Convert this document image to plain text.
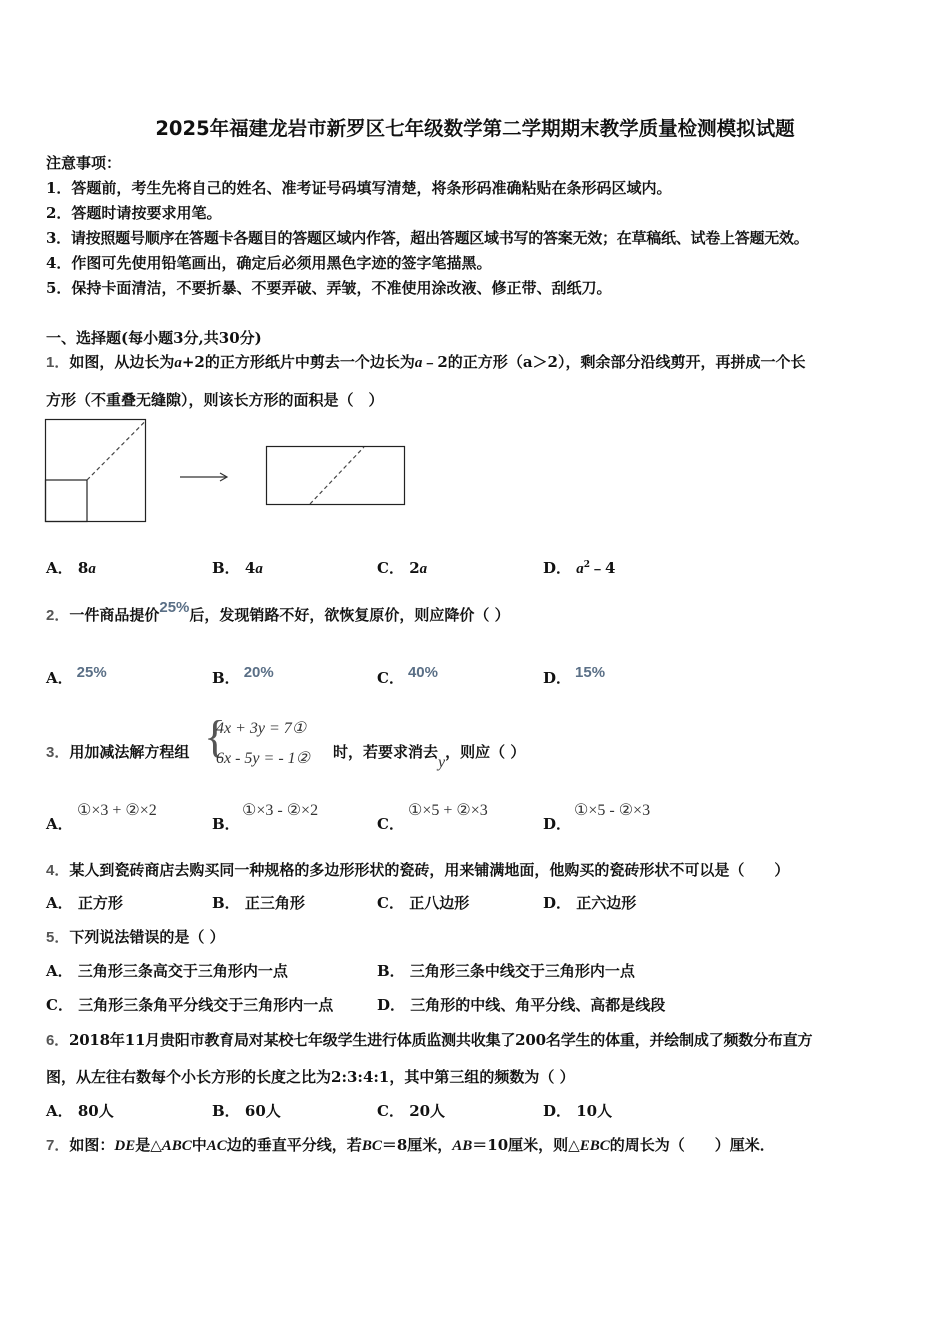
2025年福建龙岩市新罗区七年级数学第二学期期末教学质量检测模拟试题
注意事项：
1．答题前，考生先将自己的姓名、准考证号码填写清楚，将条形码准确粘贴在条形码区域内。
2．答题时请按要求用笔。
3．请按照题号顺序在答题卡各题目的答题区域内作答，超出答题区域书写的答案无效；在草稿纸、试卷上答题无效。
4．作图可先使用铅笔画出，确定后必须用黑色字迹的签字笔描黑。
5．保持卡面清洁，不要折暴、不要弄破、弄皱，不准使用涂改液、修正带、刮纸刀。
一、选择题(每小题3分,共30分)
1．如图，从边长为a+2的正方形纸片中剪去一个边长为a﹣2的正方形（a＞2），剩余部分沿线剪开，再拼成一个长
方形（不重叠无缝隙），则该长方形的面积是（　）
A． 8a	B． 4a	C． 2a	D． $a^2﹣4$
2．一件商品提价25%后，发现销路不好，欲恢复原价，则应降价（ ）
A． 25%	B． 20%	C． 40%	D． 15%
3．用加减法解方程组 {
4x + 3y = 7①
6x - 5y = - 1② 时，若要求消去y，则应（ ）
A．
①×3 + ②×2
B．
①×3 - ②×2
C．
①×5 + ②×3
D．
①×5 - ②×3
4．某人到瓷砖商店去购买同一种规格的多边形形状的瓷砖，用来铺满地面，他购买的瓷砖形状不可以是（　　）
A． 正方形	B． 正三角形	C． 正八边形	D． 正六边形
5．下列说法错误的是（ ）
A． 三角形三条高交于三角形内一点	B． 三角形三条中线交于三角形内一点
C． 三角形三条角平分线交于三角形内一点	D． 三角形的中线、角平分线、高都是线段
6．2018年11月贵阳市教育局对某校七年级学生进行体质监测共收集了200名学生的体重，并绘制成了频数分布直方
图，从左往右数每个小长方形的长度之比为2:3:4:1，其中第三组的频数为（ ）
A． 80人	B． 60人	C． 20人	D． 10人
7．如图：DE是△ABC中AC边的垂直平分线，若BC＝8厘米，AB＝10厘米，则△EBC的周长为（　　）厘米．
